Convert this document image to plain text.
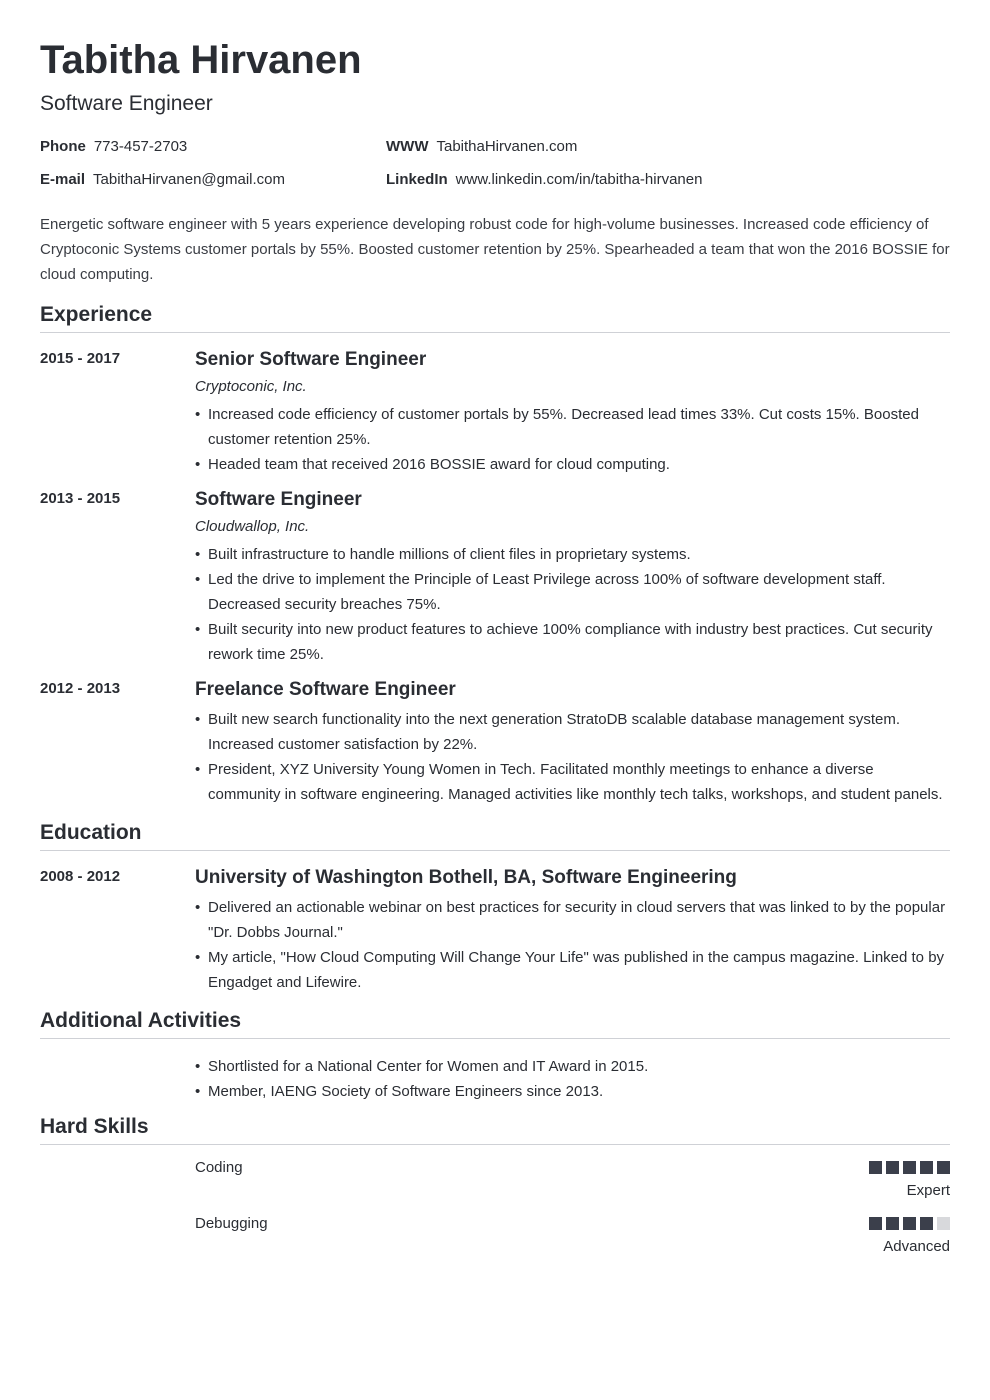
Tabitha Hirvanen
Software Engineer
Phone 773-457-2703	WWW TabithaHirvanen.com
E-mail TabithaHirvanen@gmail.com	LinkedIn www.linkedin.com/in/tabitha-hirvanen
Energetic software engineer with 5 years experience developing robust code for high-volume businesses. Increased code efficiency of Cryptoconic Systems customer portals by 55%. Boosted customer retention by 25%. Spearheaded a team that won the 2016 BOSSIE for cloud computing.
Experience
2015 - 2017	Senior Software Engineer

Cryptoconic, Inc.

• Increased code efficiency of customer portals by 55%. Decreased lead times 33%. Cut costs 15%. Boosted customer retention 25%.
• Headed team that received 2016 BOSSIE award for cloud computing.
2013 - 2015	Software Engineer

Cloudwallop, Inc.

• Built infrastructure to handle millions of client files in proprietary systems.
• Led the drive to implement the Principle of Least Privilege across 100% of software development staff. Decreased security breaches 75%.
• Built security into new product features to achieve 100% compliance with industry best practices. Cut security rework time 25%.
2012 - 2013	Freelance Software Engineer
• Built new search functionality into the next generation StratoDB scalable database management system. Increased customer satisfaction by 22%.
• President, XYZ University Young Women in Tech. Facilitated monthly meetings to enhance a diverse community in software engineering. Managed activities like monthly tech talks, workshops, and student panels.
Education
2008 - 2012	University of Washington Bothell, BA, Software Engineering
• Delivered an actionable webinar on best practices for security in cloud servers that was linked to by the popular "Dr. Dobbs Journal."
• My article, "How Cloud Computing Will Change Your Life" was published in the campus magazine. Linked to by Engadget and Lifewire.
Additional Activities
• Shortlisted for a National Center for Women and IT Award in 2015.
• Member, IAENG Society of Software Engineers since 2013.
Hard Skills
Coding
Expert
Debugging
Advanced
